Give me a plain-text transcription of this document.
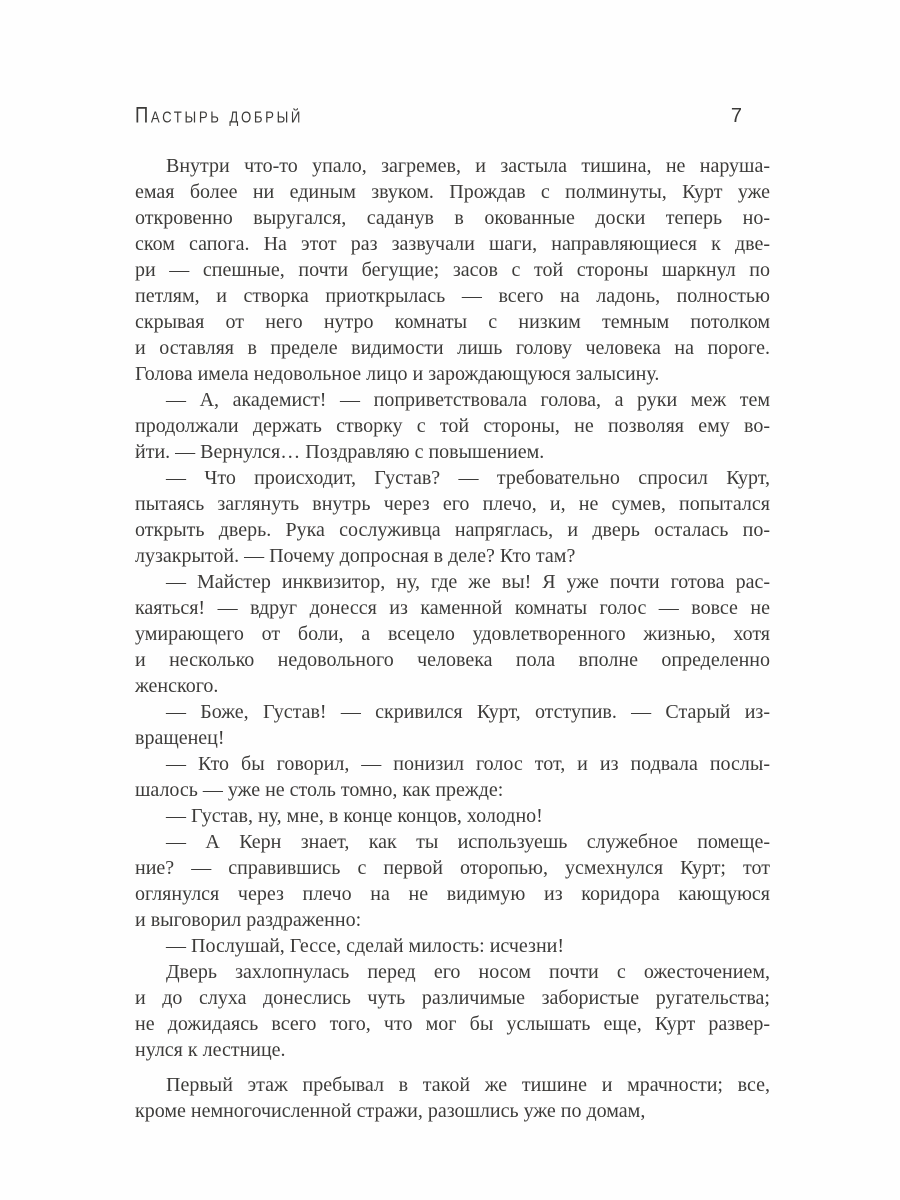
Пастырь добрый	7
Внутри что-то упало, загремев, и застыла тишина, не наруша-
емая более ни единым звуком. Прождав с полминуты, Курт уже
откровенно выругался, саданув в окованные доски теперь но-
ском сапога. На этот раз зазвучали шаги, направляющиеся к две-
ри — спешные, почти бегущие; засов с той стороны шаркнул по
петлям, и створка приоткрылась — всего на ладонь, полностью
скрывая от него нутро комнаты с низким темным потолком
и оставляя в пределе видимости лишь голову человека на пороге.
Голова имела недовольное лицо и зарождающуюся залысину.
— А, академист! — поприветствовала голова, а руки меж тем
продолжали держать створку с той стороны, не позволяя ему во-
йти. — Вернулся… Поздравляю с повышением.
— Что происходит, Густав? — требовательно спросил Курт,
пытаясь заглянуть внутрь через его плечо, и, не сумев, попытался
открыть дверь. Рука сослуживца напряглась, и дверь осталась по-
лузакрытой. — Почему допросная в деле? Кто там?
— Майстер инквизитор, ну, где же вы! Я уже почти готова рас-
каяться! — вдруг донесся из каменной комнаты голос — вовсе не
умирающего от боли, а всецело удовлетворенного жизнью, хотя
и несколько недовольного человека пола вполне определенно
женского.
— Боже, Густав! — скривился Курт, отступив. — Старый из-
вращенец!
— Кто бы говорил, — понизил голос тот, и из подвала послы-
шалось — уже не столь томно, как прежде:
— Густав, ну, мне, в конце концов, холодно!
— А Керн знает, как ты используешь служебное помеще-
ние? — справившись с первой оторопью, усмехнулся Курт; тот
оглянулся через плечо на не видимую из коридора кающуюся
и выговорил раздраженно:
— Послушай, Гессе, сделай милость: исчезни!
Дверь захлопнулась перед его носом почти с ожесточением,
и до слуха донеслись чуть различимые забористые ругательства;
не дожидаясь всего того, что мог бы услышать еще, Курт развер-
нулся к лестнице.
Первый этаж пребывал в такой же тишине и мрачности; все,
кроме немногочисленной стражи, разошлись уже по домам,
